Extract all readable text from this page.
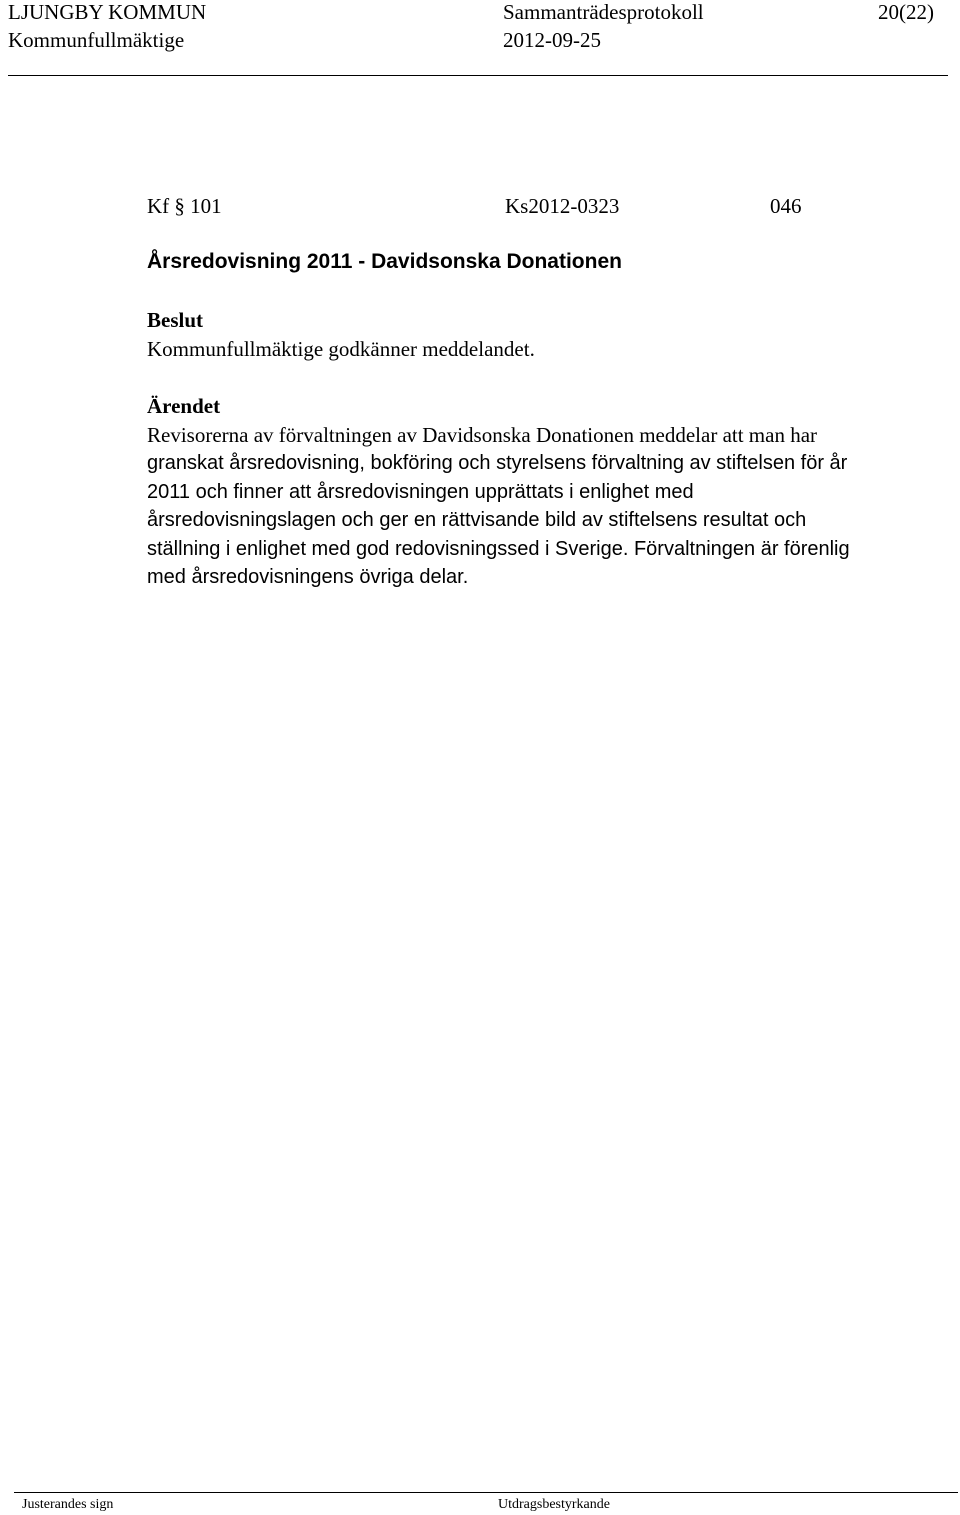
LJUNGBY KOMMUN
Kommunfullmäktige
Sammanträdesprotokoll
2012-09-25
20(22)
Kf § 101	Ks2012-0323	046
Årsredovisning 2011 - Davidsonska Donationen
Beslut
Kommunfullmäktige godkänner meddelandet.
Ärendet
Revisorerna av förvaltningen av Davidsonska Donationen meddelar att man har
granskat årsredovisning, bokföring och styrelsens förvaltning av stiftelsen för år
2011 och finner att årsredovisningen upprättats i enlighet med
årsredovisningslagen och ger en rättvisande bild av stiftelsens resultat och
ställning i enlighet med god redovisningssed i Sverige. Förvaltningen är förenlig
med årsredovisningens övriga delar.
Justerandes sign	Utdragsbestyrkande
